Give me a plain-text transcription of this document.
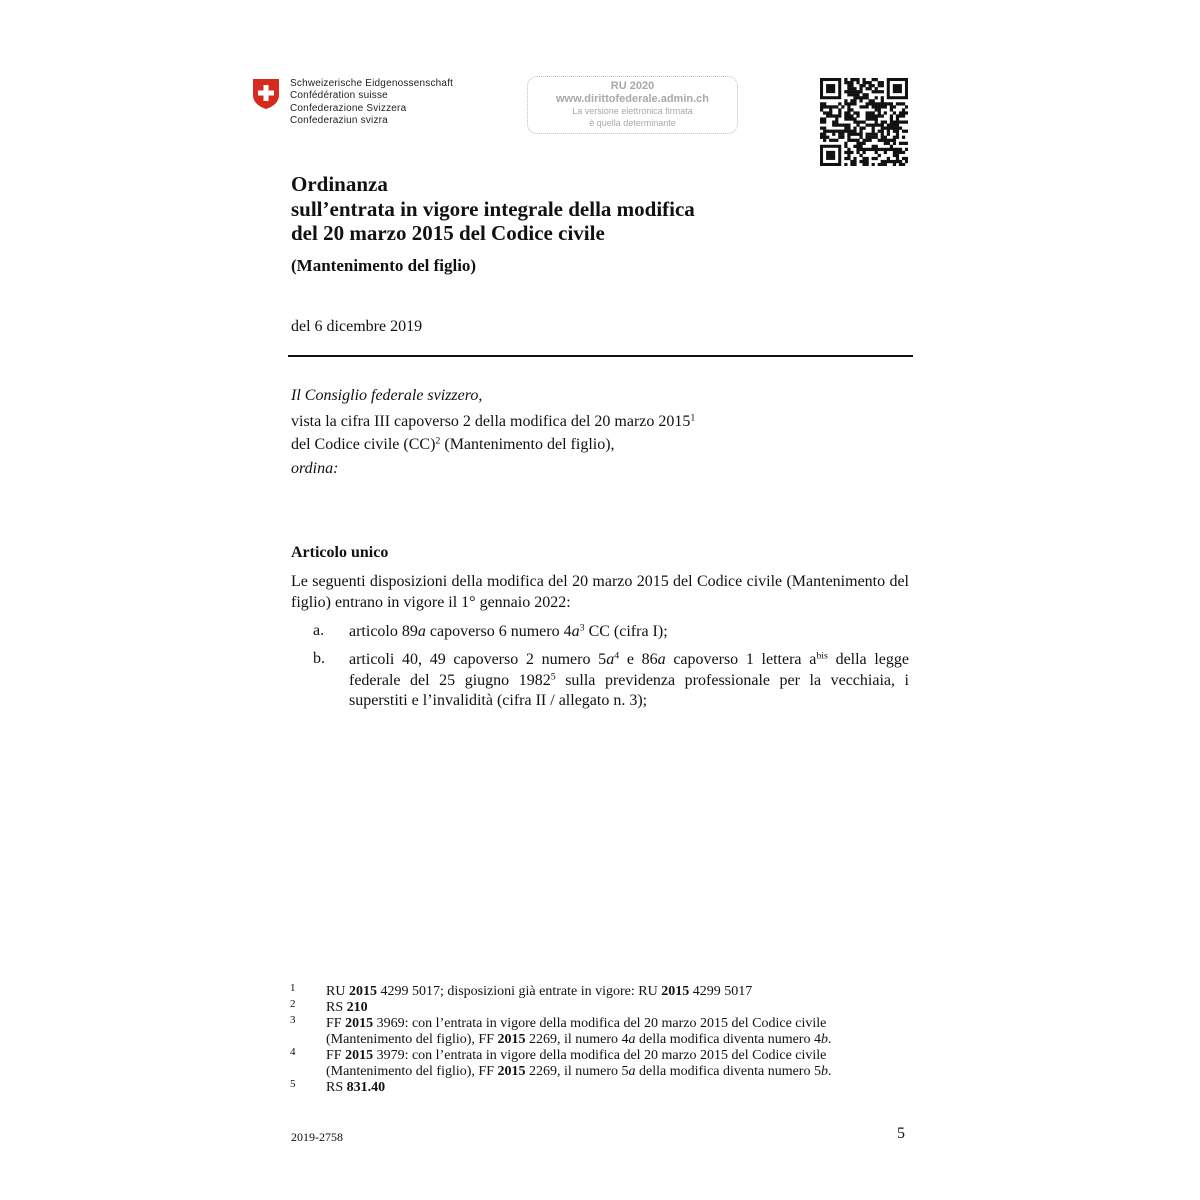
Schweizerische Eidgenossenschaft
Confédération suisse
Confederazione Svizzera
Confederaziun svizra
RU 2020
www.dirittofederale.admin.ch
La versione elettronica firmata
è quella determinante
Ordinanza
sull’entrata in vigore integrale della modifica
del 20 marzo 2015 del Codice civile
(Mantenimento del figlio)
del 6 dicembre 2019
Il Consiglio federale svizzero,
vista la cifra III capoverso 2 della modifica del 20 marzo 2015$^1$
del Codice civile (CC)$^2$ (Mantenimento del figlio),
ordina:
Articolo unico
Le seguenti disposizioni della modifica del 20 marzo 2015 del Codice civile (Mantenimento del figlio) entrano in vigore il 1° gennaio 2022:
a. articolo 89a capoverso 6 numero $4a^3$ CC (cifra I);
b. articoli 40, 49 capoverso 2 numero $5a^4$ e 86a capoverso 1 lettera $a^{bis}$ della legge federale del 25 giugno 1982$^5$ sulla previdenza professionale per la vecchiaia, i superstiti e l’invalidità (cifra II / allegato n. 3);
1 RU 2015 4299 5017; disposizioni già entrate in vigore: RU 2015 4299 5017
2 RS 210
3 FF 2015 3969: con l’entrata in vigore della modifica del 20 marzo 2015 del Codice civile
(Mantenimento del figlio), FF 2015 2269, il numero 4a della modifica diventa numero 4b.
4 FF 2015 3979: con l’entrata in vigore della modifica del 20 marzo 2015 del Codice civile
(Mantenimento del figlio), FF 2015 2269, il numero 5a della modifica diventa numero 5b.
5 RS 831.40
2019-2758	5
